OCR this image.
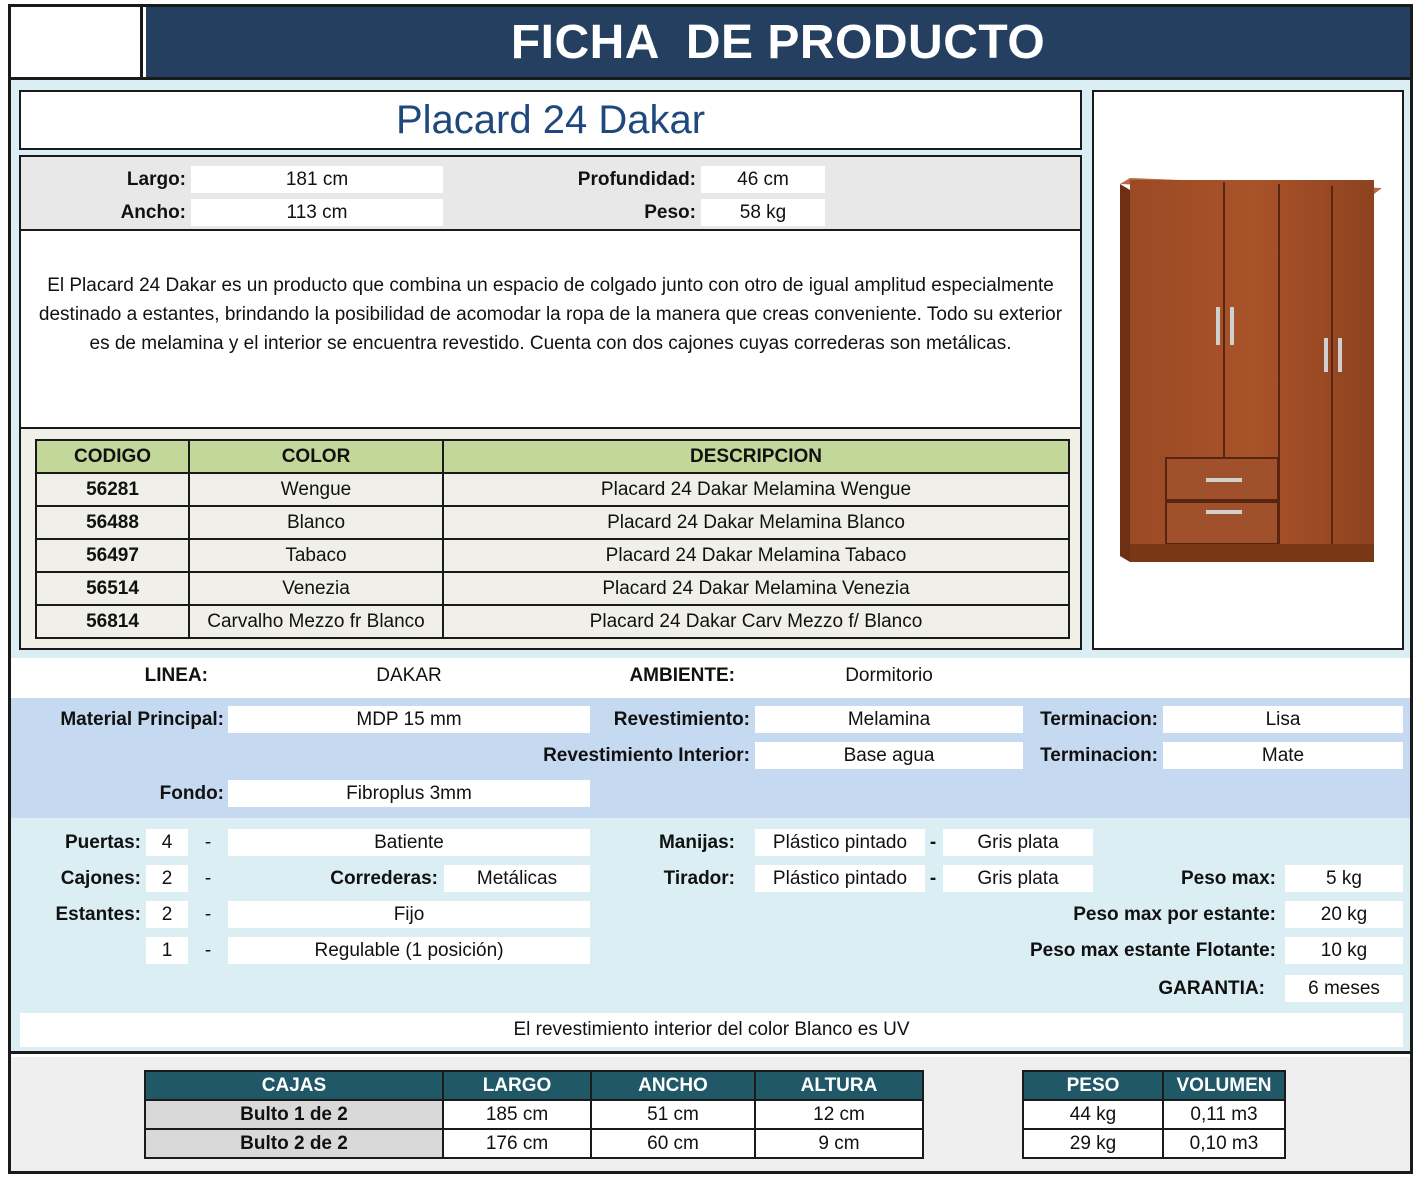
FICHA  DE PRODUCTO
Placard 24 Dakar
Largo:	181 cm
Ancho:	113 cm
Profundidad:	46 cm
Peso:	58 kg
El Placard 24 Dakar es un producto que combina un espacio de colgado junto con otro de igual amplitud especialmente destinado a estantes, brindando la posibilidad de acomodar la ropa de la manera que creas conveniente. Todo su exterior es de melamina y el interior se encuentra revestido. Cuenta con dos cajones cuyas correderas son metálicas.
CODIGO	COLOR	DESCRIPCION
56281	Wengue	Placard 24 Dakar Melamina Wengue
56488	Blanco	Placard 24 Dakar Melamina Blanco
56497	Tabaco	Placard 24 Dakar Melamina Tabaco
56514	Venezia	Placard 24 Dakar Melamina Venezia
56814	Carvalho Mezzo fr Blanco	Placard 24 Dakar Carv Mezzo f/ Blanco
LINEA:	DAKAR	AMBIENTE:	Dormitorio
Material Principal:	MDP 15 mm	Revestimiento:	Melamina	Terminacion:	Lisa
Revestimiento Interior:	Base agua	Terminacion:	Mate
Fondo:	Fibroplus 3mm
Puertas:	4	-	Batiente
Cajones:	2	-	Correderas:	Metálicas
Estantes:	2	-	Fijo
1	-	Regulable (1 posición)
Manijas:	Plástico pintado	-	Gris plata
Tirador:	Plástico pintado	-	Gris plata	Peso max:	5 kg
Peso max por estante:	20 kg
Peso max estante Flotante:	10 kg
GARANTIA:	6 meses
El revestimiento interior del color Blanco es UV
CAJAS	LARGO	ANCHO	ALTURA
Bulto 1 de 2	185 cm	51 cm	12 cm
Bulto 2 de 2	176 cm	60 cm	9 cm
PESO	VOLUMEN
44 kg	0,11 m3
29 kg	0,10 m3
